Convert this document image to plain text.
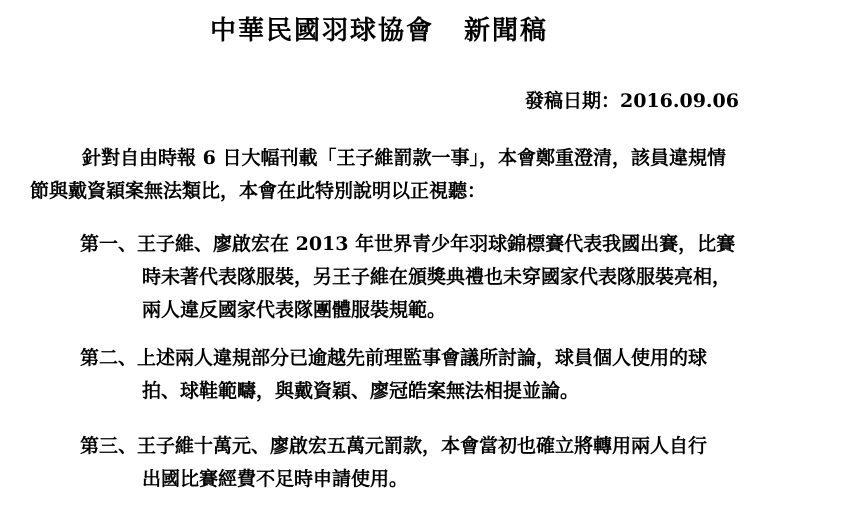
中華民國羽球協會 新聞稿
發稿日期：2016.09.06
針對自由時報 6 日大幅刊載「王子維罰款一事」，本會鄭重澄清，該員違規情
節與戴資穎案無法類比，本會在此特別說明以正視聽：
第一、 王子維、廖啟宏在 2013 年世界青少年羽球錦標賽代表我國出賽，比賽
時未著代表隊服裝，另王子維在頒獎典禮也未穿國家代表隊服裝亮相，
兩人違反國家代表隊團體服裝規範。
第二、 上述兩人違規部分已逾越先前理監事會議所討論，球員個人使用的球
拍、球鞋範疇，與戴資穎、廖冠皓案無法相提並論。
第三、 王子維十萬元、廖啟宏五萬元罰款，本會當初也確立將轉用兩人自行
出國比賽經費不足時申請使用。
